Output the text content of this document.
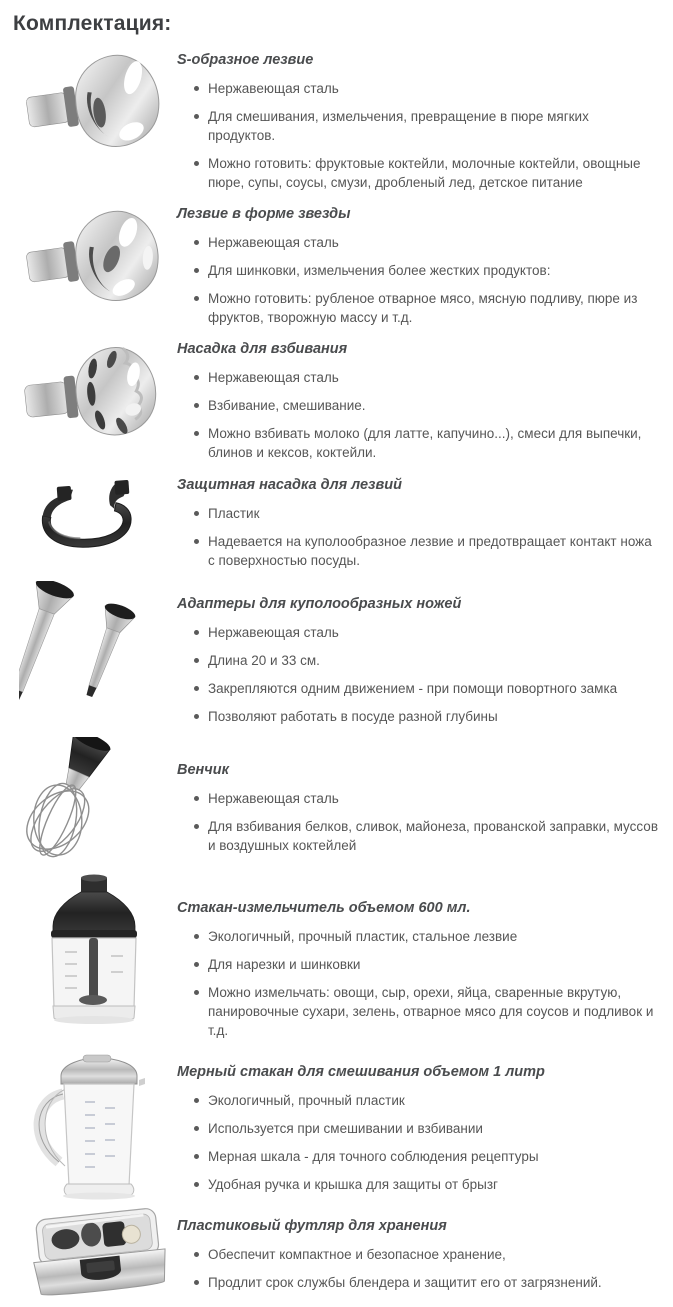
Комплектация:
S-образное лезвие
Нержавеющая сталь
Для смешивания, измельчения, превращение в пюре мягких продуктов.
Можно готовить: фруктовые коктейли, молочные коктейли, овощные пюре, супы, соусы, смузи, дробленый лед, детское питание
Лезвие в форме звезды
Нержавеющая сталь
Для шинковки, измельчения более жестких продуктов:
Можно готовить: рубленое отварное мясо, мясную подливу, пюре из фруктов, творожную массу и т.д.
Насадка для взбивания
Нержавеющая сталь
Взбивание, смешивание.
Можно взбивать молоко (для латте, капучино...), смеси для выпечки, блинов и кексов, коктейли.
Защитная насадка для лезвий
Пластик
Надевается на куполообразное лезвие и предотвращает контакт ножа с поверхностью посуды.
Адаптеры для куполообразных ножей
Нержавеющая сталь
Длина 20 и 33 см.
Закрепляются одним движением - при помощи повортного замка
Позволяют работать в посуде разной глубины
Венчик
Нержавеющая сталь
Для взбивания белков, сливок, майонеза, прованской заправки, муссов и воздушных коктейлей
Стакан-измельчитель объемом 600 мл.
Экологичный, прочный пластик, стальное лезвие
Для нарезки и шинковки
Можно измельчать: овощи, сыр, орехи, яйца, сваренные вкрутую, панировочные сухари, зелень, отварное мясо для соусов и подливок и т.д.
Мерный стакан для смешивания объемом 1 литр
Экологичный, прочный пластик
Используется при смешивании и взбивании
Мерная шкала - для точного соблюдения рецептуры
Удобная ручка и крышка для защиты от брызг
Пластиковый футляр для хранения
Обеспечит компактное и безопасное хранение,
Продлит срок службы блендера и защитит его от загрязнений.
